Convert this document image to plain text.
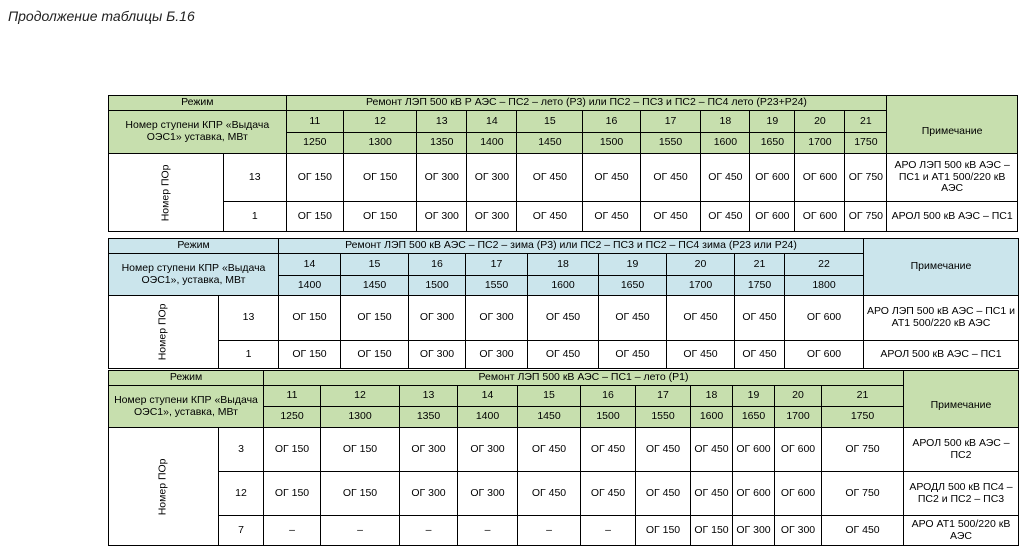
Продолжение таблицы Б.16
Режим		Ремонт ЛЭП 500 кВ Р АЭС – ПС2 – лето (Р3) или ПС2 – ПС3 и ПС2 – ПС4 лето (Р23+Р24)											
Номер ступени КПР «Выдача ОЭС1» уставка, МВт		11	12	13	14	15	16	17	18	19	20	21	Примечание
		1250	1300	1350	1400	1450	1500	1550	1600	1650	1700	1750	
Номер ПОр	13	ОГ 150	ОГ 150	ОГ 300	ОГ 300	ОГ 450	ОГ 450	ОГ 450	ОГ 450	ОГ 600	ОГ 600	ОГ 750	АРО ЛЭП 500 кВ АЭС – ПС1 и АТ1 500/220 кВ АЭС
	1	ОГ 150	ОГ 150	ОГ 300	ОГ 300	ОГ 450	ОГ 450	ОГ 450	ОГ 450	ОГ 600	ОГ 600	ОГ 750	АРОЛ 500 кВ АЭС – ПС1
Режим		Ремонт ЛЭП 500 кВ АЭС – ПС2 – зима (Р3) или ПС2 – ПС3 и ПС2 – ПС4 зима (Р23 или Р24)									Примечание
Номер ступени КПР «Выдача ОЭС1», уставка, МВт		14	15	16	17	18	19	20	21	22	
		1400	1450	1500	1550	1600	1650	1700	1750	1800	
Номер ПОр	13	ОГ 150	ОГ 150	ОГ 300	ОГ 300	ОГ 450	ОГ 450	ОГ 450	ОГ 450	ОГ 600	АРО ЛЭП 500 кВ АЭС – ПС1 и АТ1 500/220 кВ АЭС
	1	ОГ 150	ОГ 150	ОГ 300	ОГ 300	ОГ 450	ОГ 450	ОГ 450	ОГ 450	ОГ 600	АРОЛ 500 кВ АЭС – ПС1
Режим		Ремонт ЛЭП 500 кВ АЭС – ПС1 – лето (Р1)											
Номер ступени КПР «Выдача ОЭС1», уставка, МВт		11	12	13	14	15	16	17	18	19	20	21	Примечание
		1250	1300	1350	1400	1450	1500	1550	1600	1650	1700	1750	
Номер ПОр	3	ОГ 150	ОГ 150	ОГ 300	ОГ 300	ОГ 450	ОГ 450	ОГ 450	ОГ 450	ОГ 600	ОГ 600	ОГ 750	АРОЛ 500 кВ АЭС – ПС2
	12	ОГ 150	ОГ 150	ОГ 300	ОГ 300	ОГ 450	ОГ 450	ОГ 450	ОГ 450	ОГ 600	ОГ 600	ОГ 750	АРОДЛ 500 кВ ПС4 – ПС2 и ПС2 – ПС3
	7	–	–	–	–	–	–	ОГ 150	ОГ 150	ОГ 300	ОГ 300	ОГ 450	АРО АТ1 500/220 кВ АЭС
